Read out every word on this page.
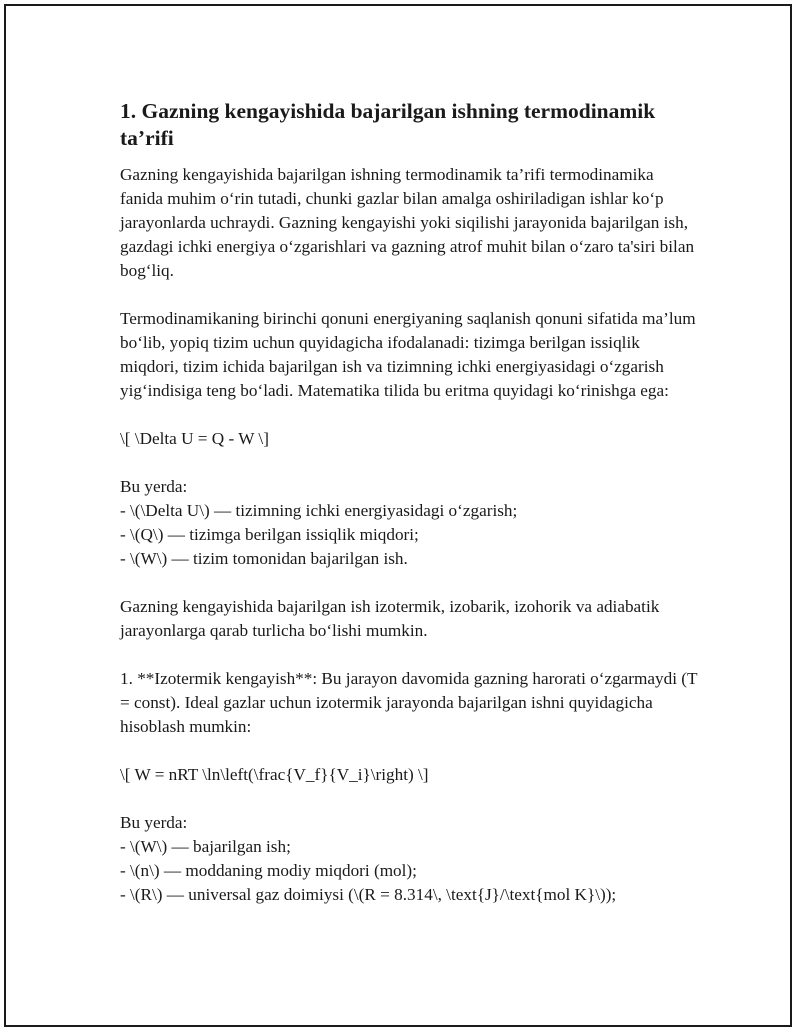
1. Gazning kengayishida bajarilgan ishning termodinamik ta’rifi

Gazning kengayishida bajarilgan ishning termodinamik ta’rifi termodinamika fanida muhim o‘rin tutadi, chunki gazlar bilan amalga oshiriladigan ishlar ko‘p jarayonlarda uchraydi. Gazning kengayishi yoki siqilishi jarayonida bajarilgan ish, gazdagi ichki energiya o‘zgarishlari va gazning atrof muhit bilan o‘zaro ta'siri bilan bog‘liq.

Termodinamikaning birinchi qonuni energiyaning saqlanish qonuni sifatida ma’lum bo‘lib, yopiq tizim uchun quyidagicha ifodalanadi: tizimga berilgan issiqlik miqdori, tizim ichida bajarilgan ish va tizimning ichki energiyasidagi o‘zgarish yig‘indisiga teng bo‘ladi. Matematika tilida bu eritma quyidagi ko‘rinishga ega:

\[ \Delta U = Q - W \]

Bu yerda:

- \(\Delta U\) — tizimning ichki energiyasidagi o‘zgarish;

- \(Q\) — tizimga berilgan issiqlik miqdori;

- \(W\) — tizim tomonidan bajarilgan ish.

Gazning kengayishida bajarilgan ish izotermik, izobarik, izohorik va adiabatik jarayonlarga qarab turlicha bo‘lishi mumkin.

1. **Izotermik kengayish**: Bu jarayon davomida gazning harorati o‘zgarmaydi (T = const). Ideal gazlar uchun izotermik jarayonda bajarilgan ishni quyidagicha hisoblash mumkin:

\[ W = nRT \ln\left(\frac{V_f}{V_i}\right) \]

Bu yerda:

- \(W\) — bajarilgan ish;

- \(n\) — moddaning modiy miqdori (mol);

- \(R\) — universal gaz doimiysi (\(R = 8.314\, \text{J}/\text{mol K}\));
